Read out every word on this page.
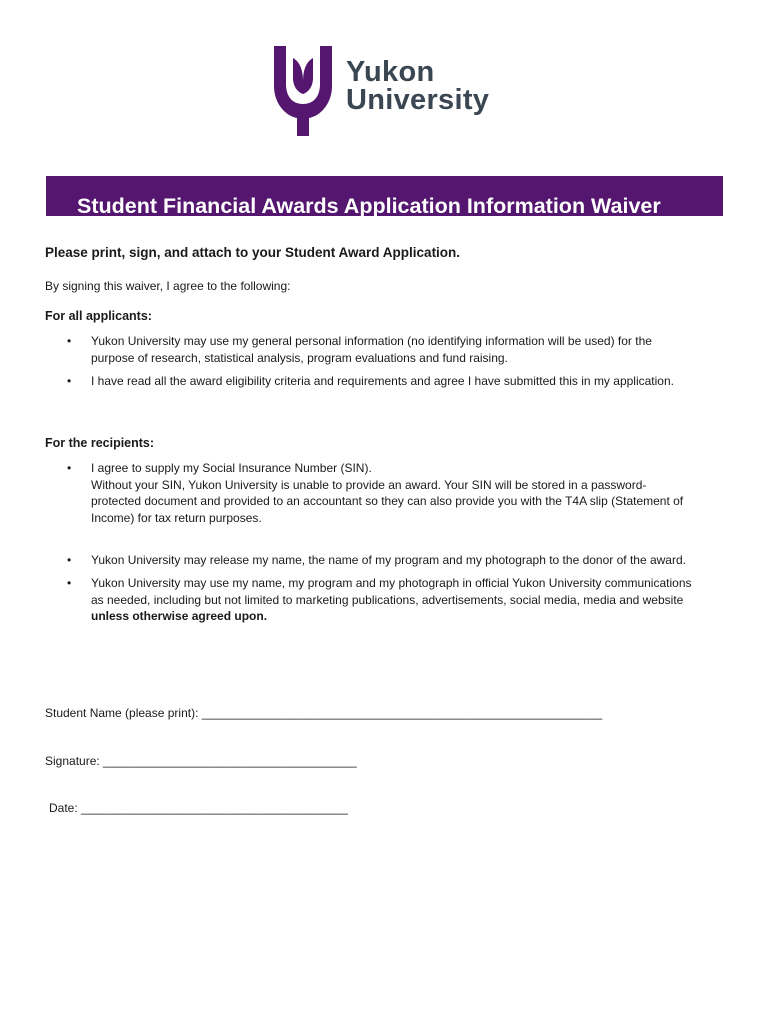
Yukon
University
Student Financial Awards Application Information Waiver
Please print, sign, and attach to your Student Award Application.
By signing this waiver, I agree to the following:
For all applicants:
• Yukon University may use my general personal information (no identifying information will be used) for the
purpose of research, statistical analysis, program evaluations and fund raising.
• I have read all the award eligibility criteria and requirements and agree I have submitted this in my application.
For the recipients:
• I agree to supply my Social Insurance Number (SIN).
Without your SIN, Yukon University is unable to provide an award. Your SIN will be stored in a password-
protected document and provided to an accountant so they can also provide you with the T4A slip (Statement of
Income) for tax return purposes.
• Yukon University may release my name, the name of my program and my photograph to the donor of the award.
• Yukon University may use my name, my program and my photograph in official Yukon University communications
as needed, including but not limited to marketing publications, advertisements, social media, media and website
unless otherwise agreed upon.
Student Name (please print): ____________________________________________________________
Signature: ______________________________________
Date: ________________________________________
